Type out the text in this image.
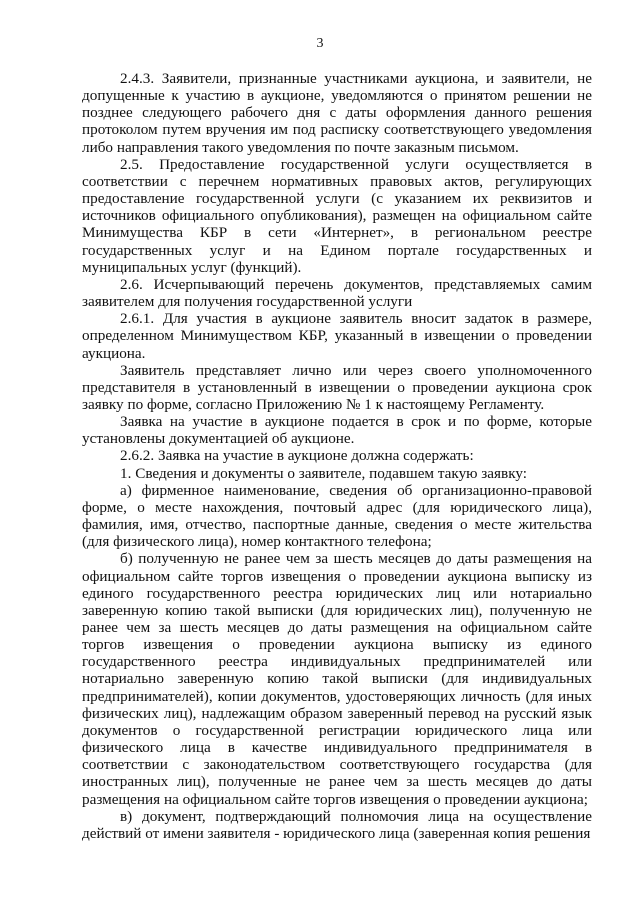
3

2.4.3. Заявители, признанные участниками аукциона, и заявители, не допущенные к участию в аукционе, уведомляются о принятом решении не позднее следующего рабочего дня с даты оформления данного решения протоколом путем вручения им под расписку соответствующего уведомления либо направления такого уведомления по почте заказным письмом.

2.5. Предоставление государственной услуги осуществляется в соответствии с перечнем нормативных правовых актов, регулирующих предоставление государственной услуги (с указанием их реквизитов и источников официального опубликования), размещен на официальном сайте Минимущества КБР в сети «Интернет», в региональном реестре государственных услуг и на Едином портале государственных и муниципальных услуг (функций).

2.6. Исчерпывающий перечень документов, представляемых самим заявителем для получения государственной услуги

2.6.1. Для участия в аукционе заявитель вносит задаток в размере, определенном Минимуществом КБР, указанный в извещении о проведении аукциона.

Заявитель представляет лично или через своего уполномоченного представителя в установленный в извещении о проведении аукциона срок заявку по форме, согласно Приложению № 1 к настоящему Регламенту.

Заявка на участие в аукционе подается в срок и по форме, которые установлены документацией об аукционе.

2.6.2. Заявка на участие в аукционе должна содержать:

1. Сведения и документы о заявителе, подавшем такую заявку:

а) фирменное наименование, сведения об организационно-правовой форме, о месте нахождения, почтовый адрес (для юридического лица), фамилия, имя, отчество, паспортные данные, сведения о месте жительства (для физического лица), номер контактного телефона;

б) полученную не ранее чем за шесть месяцев до даты размещения на официальном сайте торгов извещения о проведении аукциона выписку из единого государственного реестра юридических лиц или нотариально заверенную копию такой выписки (для юридических лиц), полученную не ранее чем за шесть месяцев до даты размещения на официальном сайте торгов извещения о проведении аукциона выписку из единого государственного реестра индивидуальных предпринимателей или нотариально заверенную копию такой выписки (для индивидуальных предпринимателей), копии документов, удостоверяющих личность (для иных физических лиц), надлежащим образом заверенный перевод на русский язык документов о государственной регистрации юридического лица или физического лица в качестве индивидуального предпринимателя в соответствии с законодательством соответствующего государства (для иностранных лиц), полученные не ранее чем за шесть месяцев до даты размещения на официальном сайте торгов извещения о проведении аукциона;

в) документ, подтверждающий полномочия лица на осуществление действий от имени заявителя - юридического лица (заверенная копия решения
